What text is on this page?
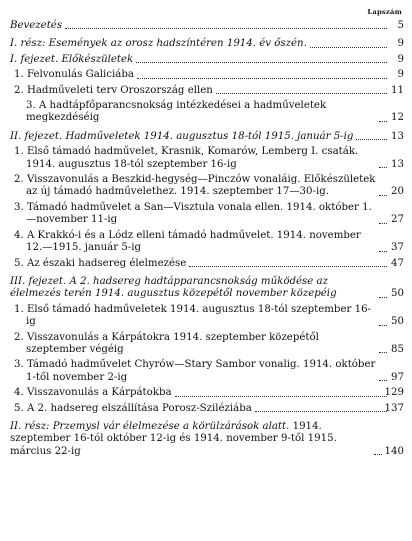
Lapszám
Bevezetés	5
I. rész: Események az orosz hadszíntéren 1914. év őszén.	9
I. fejezet. Előkészületek	9
1. Felvonulás Galiciába	9
2. Hadműveleti terv Oroszország ellen	11
3. A hadtápfőparancsnokság intézkedései a hadműveletek megkezdéséig	12
II. fejezet. Hadműveletek 1914. augusztus 18-tól 1915. január 5-ig	13
1. Első támadó hadművelet, Krasnik, Komarów, Lemberg I. csaták. 1914. augusztus 18-tól szeptember 16-ig	13
2. Visszavonulás a Beszkid-hegység—Pinczów vonaláig. Előkészületek az új támadó hadművelethez. 1914. szeptember 17—30-ig.	20
3. Támadó hadművelet a San—Visztula vonala ellen. 1914. október 1.—november 11-ig	27
4. A Krakkó-i és a Lódz elleni támadó hadművelet. 1914. november 12.—1915. január 5-ig	37
5. Az északi hadsereg élelmezése	47
III. fejezet. A 2. hadsereg hadtápparancsnokság működése az élelmezés terén 1914. augusztus közepétől november közepéig	50
1. Első támadó hadműveletek 1914. augusztus 18-tól szeptember 16-ig	50
2. Visszavonulás a Kárpátokra 1914. szeptember közepétől szeptember végéig	85
3. Támadó hadművelet Chyrów—Stary Sambor vonalig. 1914. október 1-től november 2-ig	97
4. Visszavonulás a Kárpátokba	129
5. A 2. hadsereg elszállítása Porosz-Sziléziába	137
II. rész: Przemysl vár élelmezése a körülzárások alatt. 1914. szeptember 16-tól október 12-ig és 1914. november 9-től 1915. március 22-ig	140
